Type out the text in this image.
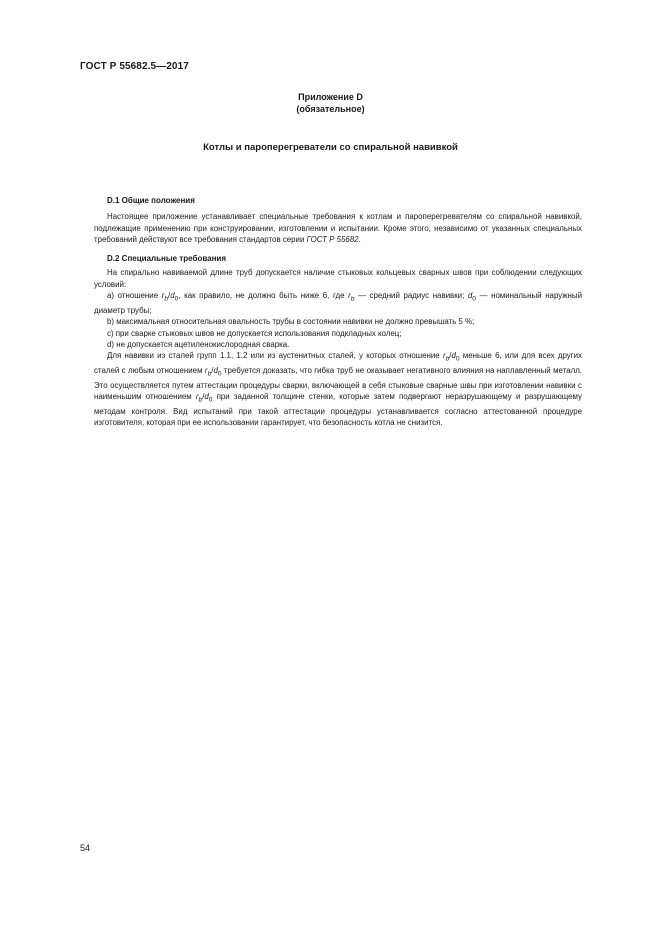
ГОСТ Р 55682.5—2017
Приложение D
(обязательное)
Котлы и пароперегреватели со спиральной навивкой
D.1 Общие положения

Настоящее приложение устанавливает специальные требования к котлам и пароперегревателям со спиральной навивкой, подлежащие применению при конструировании, изготовлении и испытании. Кроме этого, независимо от указанных специальных требований действуют все требования стандартов серии ГОСТ Р 55682.

D.2 Специальные требования

На спирально навиваемой длине труб допускается наличие стыковых кольцевых сварных швов при соблюдении следующих условий:

а) отношение $r_b/d_0$, как правило, не должно быть ниже 6, где $r_b$ — средний радиус навивки; $d_0$ — номинальный наружный диаметр трубы;

b) максимальная относительная овальность трубы в состоянии навивки не должно превышать 5 %;

c) при сварке стыковых швов не допускается использования подкладных колец;

d) не допускается ацетиленокислородная сварка.

Для навивки из сталей групп 1.1, 1.2 или из аустенитных сталей, у которых отношение $r_b/d_0$ меньше 6, или для всех других сталей с любым отношением $r_b/d_0$ требуется доказать, что гибка труб не оказывает негативного влияния на наплавленный металл. Это осуществляется путем аттестации процедуры сварки, включающей в себя стыковые сварные швы при изготовлении навивки с наименьшим отношением $r_b/d_0$ при заданной толщине стенки, которые затем подвергают неразрушающему и разрушающему методам контроля. Вид испытаний при такой аттестации процедуры устанавливается согласно аттестованной процедуре изготовителя, которая при ее использовании гарантирует, что безопасность котла не снизится.

54
